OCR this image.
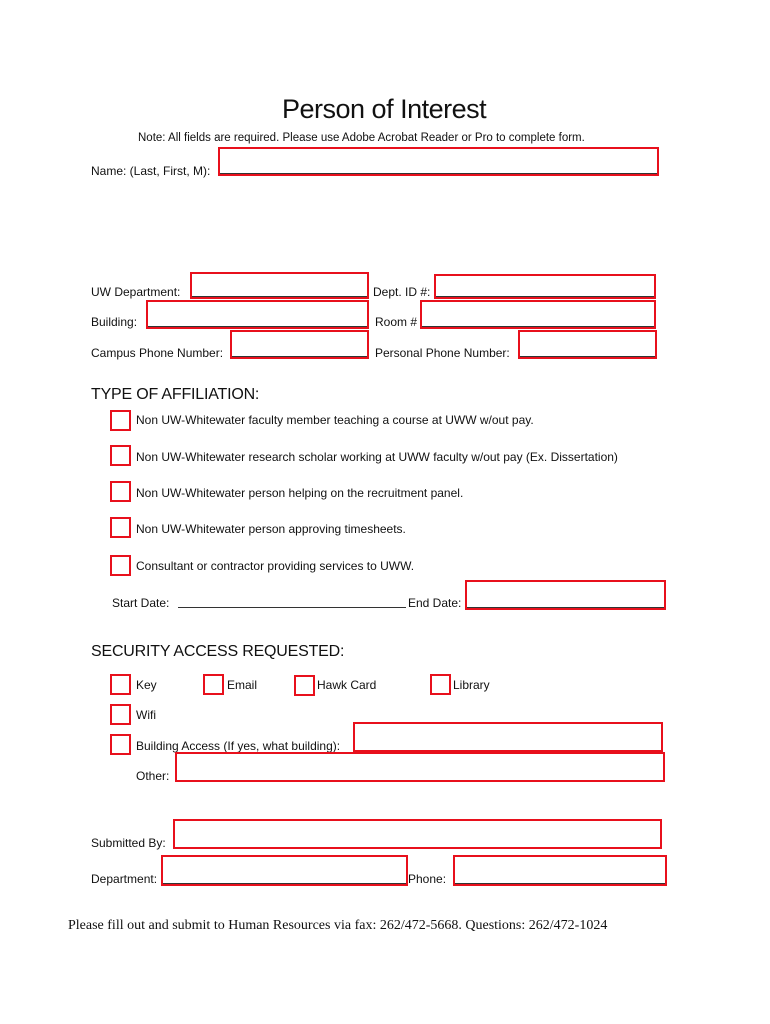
Person of Interest
Note: All fields are required. Please use Adobe Acrobat Reader or Pro to complete form.
Name: (Last, First, M):
UW Department:	Dept. ID #:
Building:	Room #
Campus Phone Number:	Personal Phone Number:
TYPE OF AFFILIATION:
Non UW-Whitewater faculty member teaching a course at UWW w/out pay.
Non UW-Whitewater research scholar working at UWW faculty w/out pay (Ex. Dissertation)
Non UW-Whitewater person helping on the recruitment panel.
Non UW-Whitewater person approving timesheets.
Consultant or contractor providing services to UWW.
Start Date:	End Date:
SECURITY ACCESS REQUESTED:
Key	Email	Hawk Card	Library
Wifi
Building Access (If yes, what building):
Other:
Submitted By:
Department:	Phone:
Please fill out and submit to Human Resources via fax: 262/472-5668. Questions: 262/472-1024
